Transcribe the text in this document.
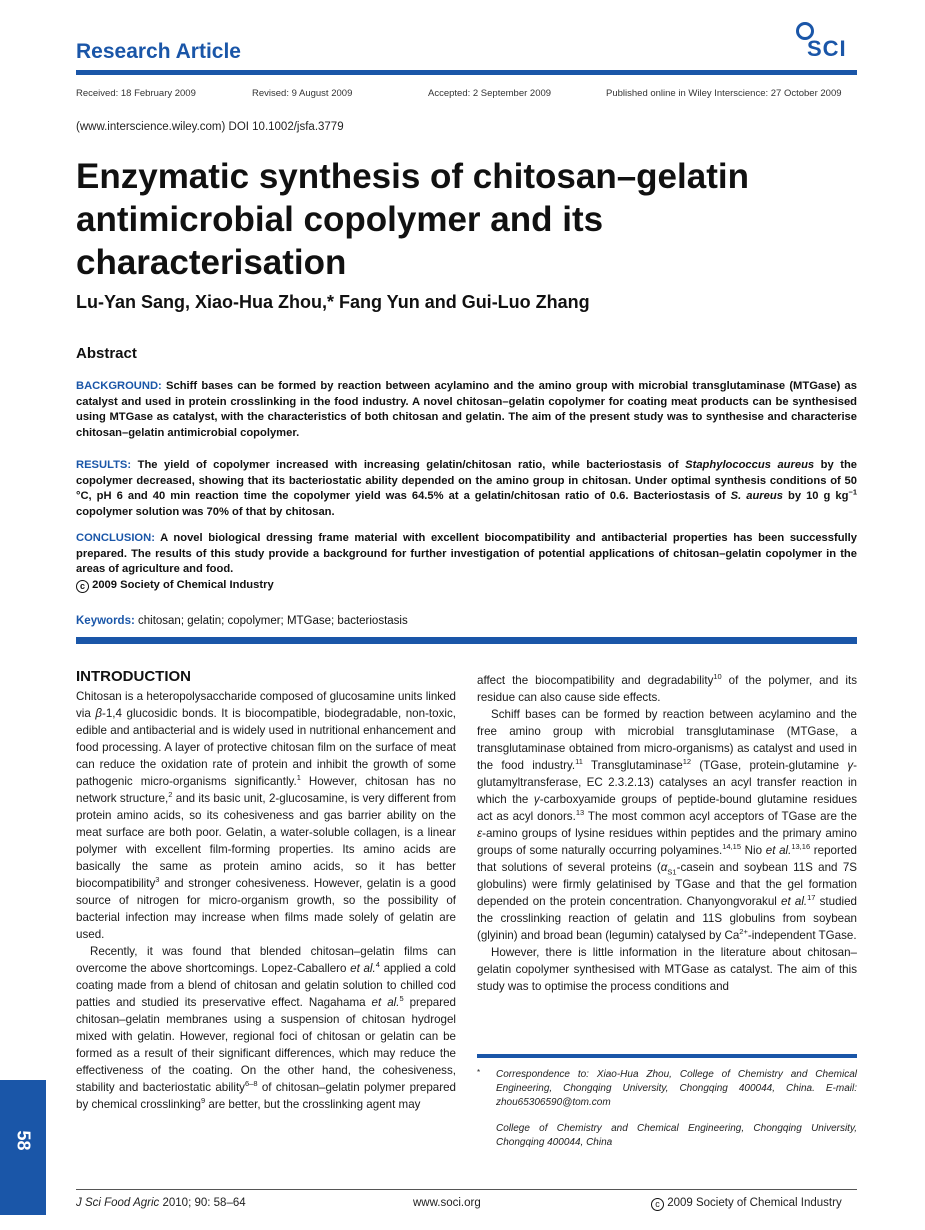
Research Article	SCI
Received: 18 February 2009	Revised: 9 August 2009	Accepted: 2 September 2009	Published online in Wiley Interscience: 27 October 2009
(www.interscience.wiley.com) DOI 10.1002/jsfa.3779
Enzymatic synthesis of chitosan–gelatin antimicrobial copolymer and its characterisation
Lu-Yan Sang, Xiao-Hua Zhou,* Fang Yun and Gui-Luo Zhang
Abstract
BACKGROUND: Schiff bases can be formed by reaction between acylamino and the amino group with microbial transglutaminase (MTGase) as catalyst and used in protein crosslinking in the food industry. A novel chitosan–gelatin copolymer for coating meat products can be synthesised using MTGase as catalyst, with the characteristics of both chitosan and gelatin. The aim of the present study was to synthesise and characterise chitosan–gelatin antimicrobial copolymer.
RESULTS: The yield of copolymer increased with increasing gelatin/chitosan ratio, while bacteriostasis of Staphylococcus aureus by the copolymer decreased, showing that its bacteriostatic ability depended on the amino group in chitosan. Under optimal synthesis conditions of 50 °C, pH 6 and 40 min reaction time the copolymer yield was 64.5% at a gelatin/chitosan ratio of 0.6. Bacteriostasis of S. aureus by 10 g $kg^{-1}$ copolymer solution was 70% of that by chitosan.
CONCLUSION: A novel biological dressing frame material with excellent biocompatibility and antibacterial properties has been successfully prepared. The results of this study provide a background for further investigation of potential applications of chitosan–gelatin copolymer in the areas of agriculture and food.
c 2009 Society of Chemical Industry
Keywords: chitosan; gelatin; copolymer; MTGase; bacteriostasis
INTRODUCTION

Chitosan is a heteropolysaccharide composed of glucosamine units linked via β-1,4 glucosidic bonds. It is biocompatible, biodegradable, non-toxic, edible and antibacterial and is widely used in nutritional enhancement and food processing. A layer of protective chitosan film on the surface of meat can reduce the oxidation rate of protein and inhibit the growth of some pathogenic micro-organisms significantly.$^1$ However, chitosan has no network structure,$^2$ and its basic unit, 2-glucosamine, is very different from protein amino acids, so its cohesiveness and gas barrier ability on the meat surface are both poor. Gelatin, a water-soluble collagen, is a linear polymer with excellent film-forming properties. Its amino acids are basically the same as protein amino acids, so it has better biocompatibility$^3$ and stronger cohesiveness. However, gelatin is a good source of nitrogen for micro-organism growth, so the possibility of bacterial infection may increase when films made solely of gelatin are used.

Recently, it was found that blended chitosan–gelatin films can overcome the above shortcomings. Lopez-Caballero et al.$^4$ applied a cold coating made from a blend of chitosan and gelatin solution to chilled cod patties and studied its preservative effect. Nagahama et al.$^5$ prepared chitosan–gelatin membranes using a suspension of chitosan hydrogel mixed with gelatin. However, regional foci of chitosan or gelatin can be formed as a result of their significant differences, which may reduce the effectiveness of the coating. On the other hand, the cohesiveness, stability and bacteriostatic ability$^{6-8}$ of chitosan–gelatin polymer prepared by chemical crosslinking$^9$ are better, but the crosslinking agent may

affect the biocompatibility and degradability$^{10}$ of the polymer, and its residue can also cause side effects.

Schiff bases can be formed by reaction between acylamino and the free amino group with microbial transglutaminase (MTGase, a transglutaminase obtained from micro-organisms) as catalyst and used in the food industry.$^{11}$ Transglutaminase$^{12}$ (TGase, protein-glutamine γ-glutamyltransferase, EC 2.3.2.13) catalyses an acyl transfer reaction in which the γ-carboxyamide groups of peptide-bound glutamine residues act as acyl donors.$^{13}$ The most common acyl acceptors of TGase are the ε-amino groups of lysine residues within peptides and the primary amino groups of some naturally occurring polyamines.$^{14,15}$ Nio et al.$^{13,16}$ reported that solutions of several proteins ($\alpha_{S1}$-casein and soybean 11S and 7S globulins) were firmly gelatinised by TGase and that the gel formation depended on the protein concentration. Chanyongvorakul et al.$^{17}$ studied the crosslinking reaction of gelatin and 11S globulins from soybean (glyinin) and broad bean (legumin) catalysed by $Ca^{2+}$-independent TGase.

However, there is little information in the literature about chitosan–gelatin copolymer synthesised with MTGase as catalyst. The aim of this study was to optimise the process conditions and

* Correspondence to: Xiao-Hua Zhou, College of Chemistry and Chemical Engineering, Chongqing University, Chongqing 400044, China. E-mail: zhou65306590@tom.com
College of Chemistry and Chemical Engineering, Chongqing University, Chongqing 400044, China
58
J Sci Food Agric 2010; 90: 58–64	www.soci.org	c 2009 Society of Chemical Industry
